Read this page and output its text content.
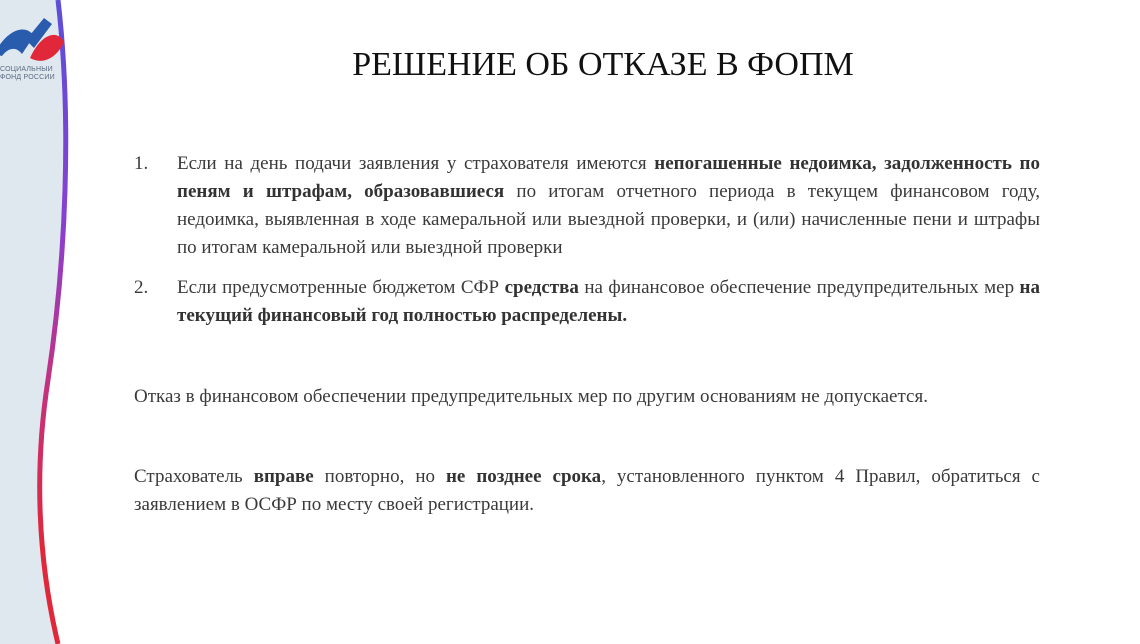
СОЦИАЛЬНЫЙ
ФОНД РОССИИ	РЕШЕНИЕ ОБ ОТКАЗЕ В ФОПМ
1. Если на день подачи заявления у страхователя имеются непогашенные недоимка, задолженность по пеням и штрафам, образовавшиеся по итогам отчетного периода в текущем финансовом году, недоимка, выявленная в ходе камеральной или выездной проверки, и (или) начисленные пени и штрафы по итогам камеральной или выездной проверки
2. Если предусмотренные бюджетом СФР средства на финансовое обеспечение предупредительных мер на текущий финансовый год полностью распределены.

Отказ в финансовом обеспечении предупредительных мер по другим основаниям не допускается.

Страхователь вправе повторно, но не позднее срока, установленного пунктом 4 Правил, обратиться с заявлением в ОСФР по месту своей регистрации.
